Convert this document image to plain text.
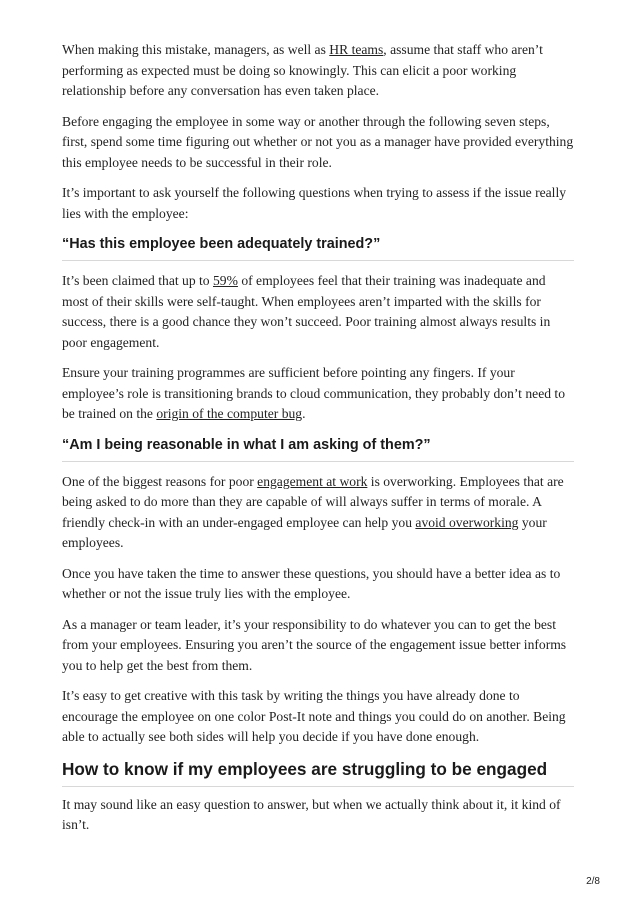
When making this mistake, managers, as well as HR teams, assume that staff who aren’t performing as expected must be doing so knowingly. This can elicit a poor working relationship before any conversation has even taken place.

Before engaging the employee in some way or another through the following seven steps, first, spend some time figuring out whether or not you as a manager have provided everything this employee needs to be successful in their role.

It’s important to ask yourself the following questions when trying to assess if the issue really lies with the employee:

“Has this employee been adequately trained?”

It’s been claimed that up to 59% of employees feel that their training was inadequate and most of their skills were self-taught. When employees aren’t imparted with the skills for success, there is a good chance they won’t succeed. Poor training almost always results in poor engagement.

Ensure your training programmes are sufficient before pointing any fingers. If your employee’s role is transitioning brands to cloud communication, they probably don’t need to be trained on the origin of the computer bug.

“Am I being reasonable in what I am asking of them?”

One of the biggest reasons for poor engagement at work is overworking. Employees that are being asked to do more than they are capable of will always suffer in terms of morale. A friendly check-in with an under-engaged employee can help you avoid overworking your employees.

Once you have taken the time to answer these questions, you should have a better idea as to whether or not the issue truly lies with the employee.

As a manager or team leader, it’s your responsibility to do whatever you can to get the best from your employees. Ensuring you aren’t the source of the engagement issue better informs you to help get the best from them.

It’s easy to get creative with this task by writing the things you have already done to encourage the employee on one color Post-It note and things you could do on another. Being able to actually see both sides will help you decide if you have done enough.

How to know if my employees are struggling to be engaged

It may sound like an easy question to answer, but when we actually think about it, it kind of isn’t.

2/8
